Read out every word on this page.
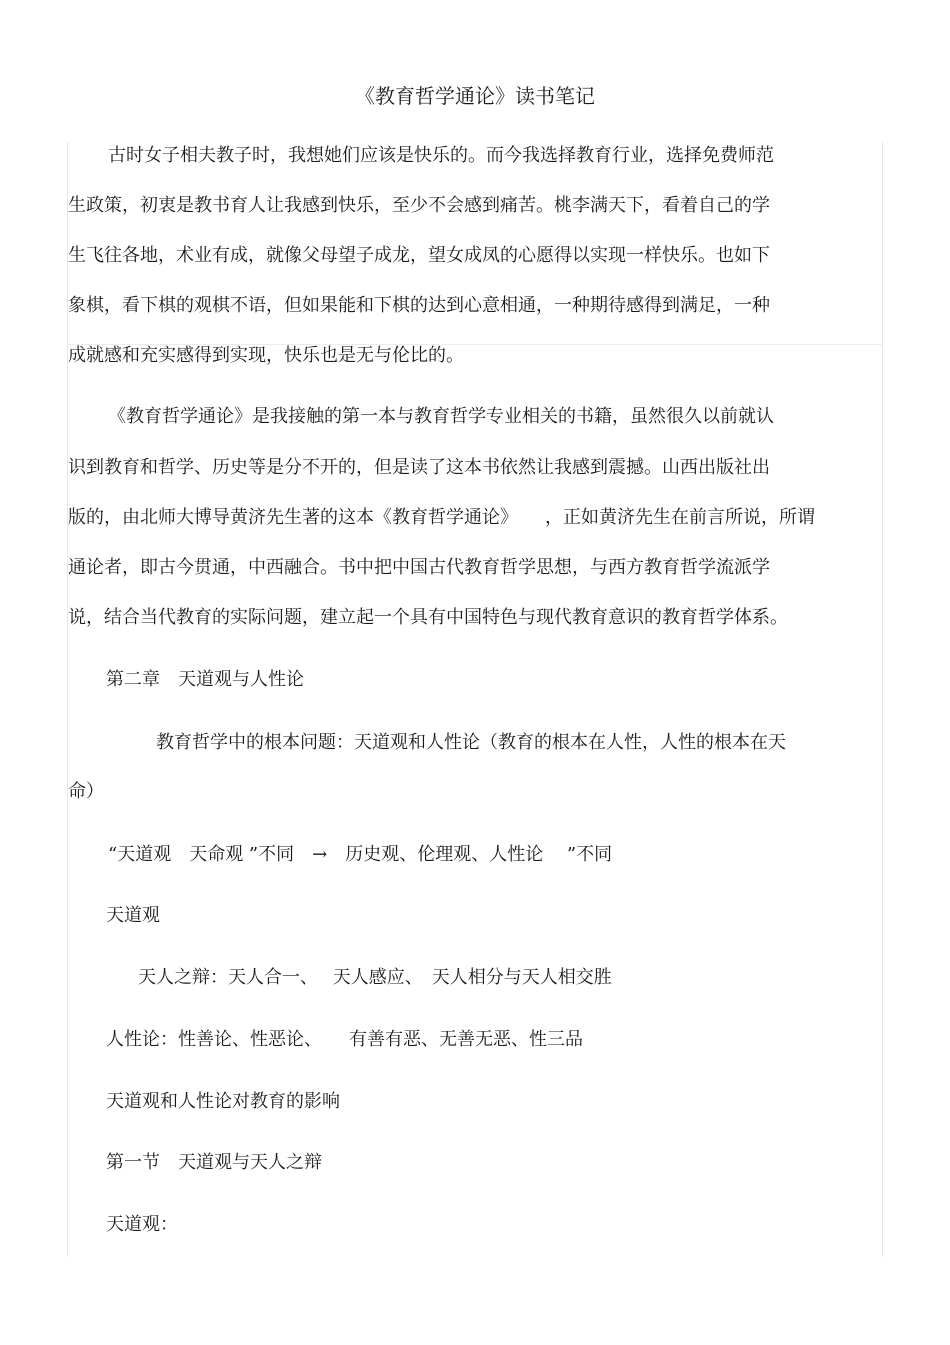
《教育哲学通论》读书笔记

古时女子相夫教子时，我想她们应该是快乐的。而今我选择教育行业，选择免费师范

生政策，初衷是教书育人让我感到快乐，至少不会感到痛苦。桃李满天下，看着自己的学

生飞往各地，术业有成，就像父母望子成龙，望女成凤的心愿得以实现一样快乐。也如下

象棋，看下棋的观棋不语，但如果能和下棋的达到心意相通，一种期待感得到满足，一种

成就感和充实感得到实现，快乐也是无与伦比的。

《教育哲学通论》是我接触的第一本与教育哲学专业相关的书籍，虽然很久以前就认

识到教育和哲学、历史等是分不开的，但是读了这本书依然让我感到震撼。山西出版社出

版的，由北师大博导黄济先生著的这本《教育哲学通论》　　，正如黄济先生在前言所说，所谓

通论者，即古今贯通，中西融合。书中把中国古代教育哲学思想，与西方教育哲学流派学

说，结合当代教育的实际问题，建立起一个具有中国特色与现代教育意识的教育哲学体系。

第二章　天道观与人性论

教育哲学中的根本问题：天道观和人性论（教育的根本在人性，人性的根本在天

命）

“天道观　天命观 ”不同　→　历史观、伦理观、人性论　 ”不同

天道观

天人之辩：天人合一、　 天人感应、　天人相分与天人相交胜

人性论：性善论、性恶论、　　有善有恶、无善无恶、性三品

天道观和人性论对教育的影响

第一节　天道观与天人之辩

天道观：
